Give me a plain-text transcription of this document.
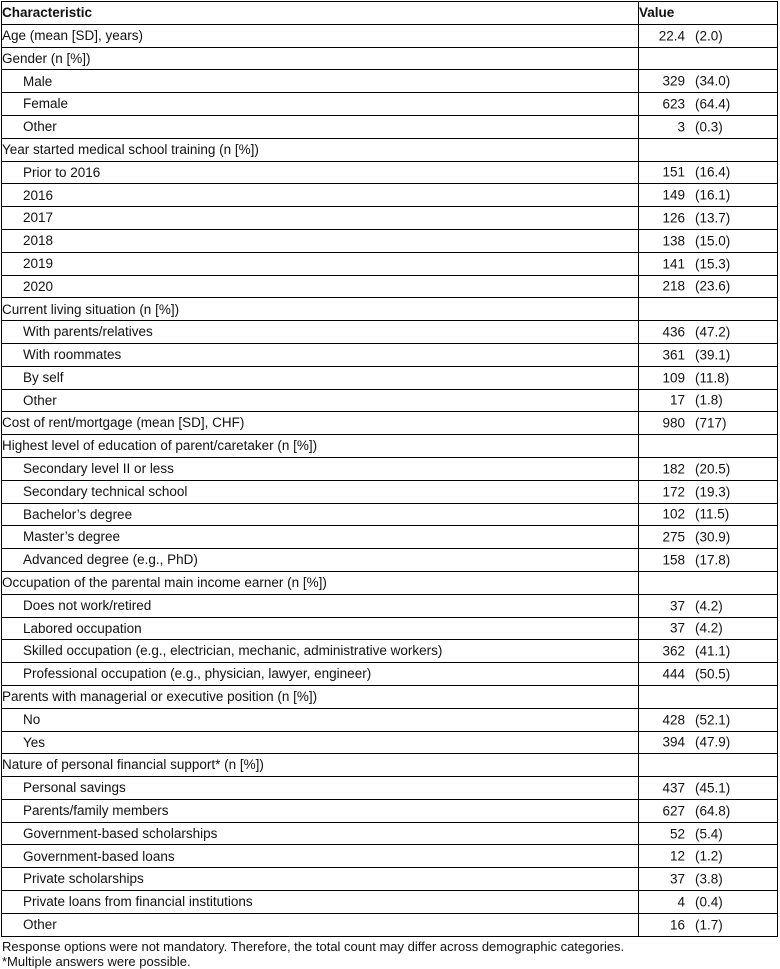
Characteristic	Value
Age (mean [SD], years)	22.4 (2.0)

Gender (n [%])	

Male	329 (34.0)

Female	623 (64.4)

Other	3 (0.3)

Year started medical school training (n [%])	

Prior to 2016	151 (16.4)

2016	149 (16.1)

2017	126 (13.7)

2018	138 (15.0)

2019	141 (15.3)

2020	218 (23.6)

Current living situation (n [%])	

With parents/relatives	436 (47.2)

With roommates	361 (39.1)

By self	109 (11.8)

Other	17 (1.8)

Cost of rent/mortgage (mean [SD], CHF)	980 (717)

Highest level of education of parent/caretaker (n [%])	

Secondary level II or less	182 (20.5)

Secondary technical school	172 (19.3)

Bachelor’s degree	102 (11.5)

Master’s degree	275 (30.9)

Advanced degree (e.g., PhD)	158 (17.8)

Occupation of the parental main income earner (n [%])	

Does not work/retired	37 (4.2)

Labored occupation	37 (4.2)

Skilled occupation (e.g., electrician, mechanic, administrative workers)	362 (41.1)

Professional occupation (e.g., physician, lawyer, engineer)	444 (50.5)

Parents with managerial or executive position (n [%])	

No	428 (52.1)

Yes	394 (47.9)

Nature of personal financial support* (n [%])	

Personal savings	437 (45.1)

Parents/family members	627 (64.8)

Government-based scholarships	52 (5.4)

Government-based loans	12 (1.2)

Private scholarships	37 (3.8)

Private loans from financial institutions	4 (0.4)

Other	16 (1.7)
Response options were not mandatory. Therefore, the total count may differ across demographic categories.
*Multiple answers were possible.
